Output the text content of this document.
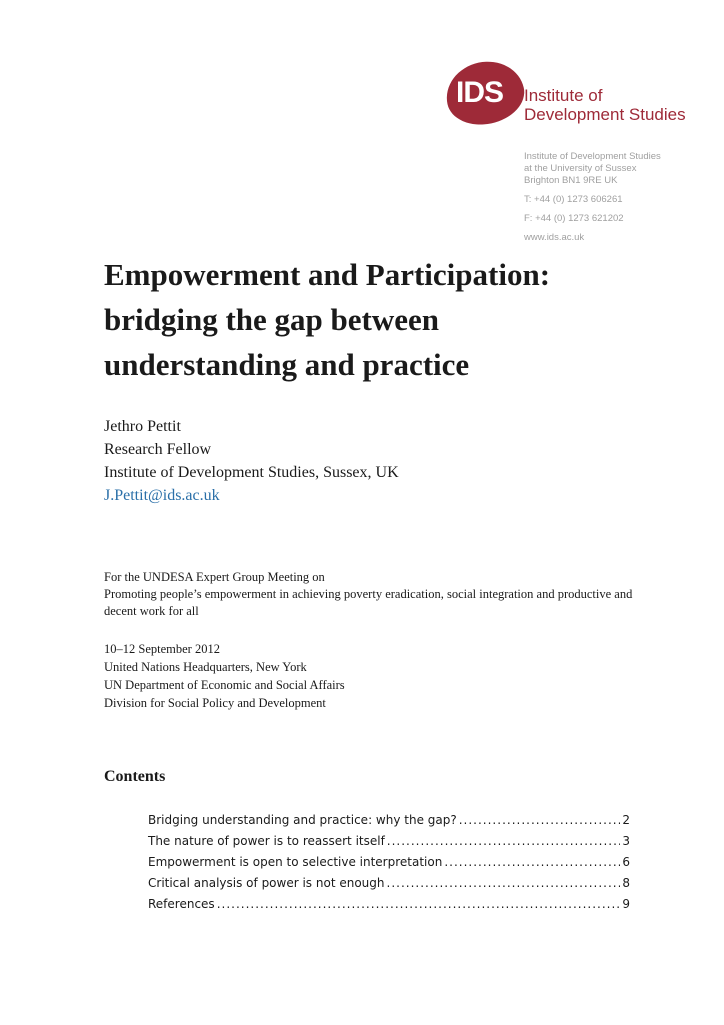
IDS Institute of
Development Studies
Institute of Development Studies
at the University of Sussex
Brighton BN1 9RE UK
T: +44 (0) 1273 606261
F: +44 (0) 1273 621202
www.ids.ac.uk
Empowerment and Participation:
bridging the gap between
understanding and practice
Jethro Pettit
Research Fellow
Institute of Development Studies, Sussex, UK
J.Pettit@ids.ac.uk
For the UNDESA Expert Group Meeting on
Promoting people’s empowerment in achieving poverty eradication, social integration and productive and decent work for all
10–12 September 2012
United Nations Headquarters, New York
UN Department of Economic and Social Affairs
Division for Social Policy and Development
Contents
Bridging understanding and practice: why the gap? .....	2
The nature of power is to reassert itself .....	3
Empowerment is open to selective interpretation .....	6
Critical analysis of power is not enough .....	8
References .....	9
